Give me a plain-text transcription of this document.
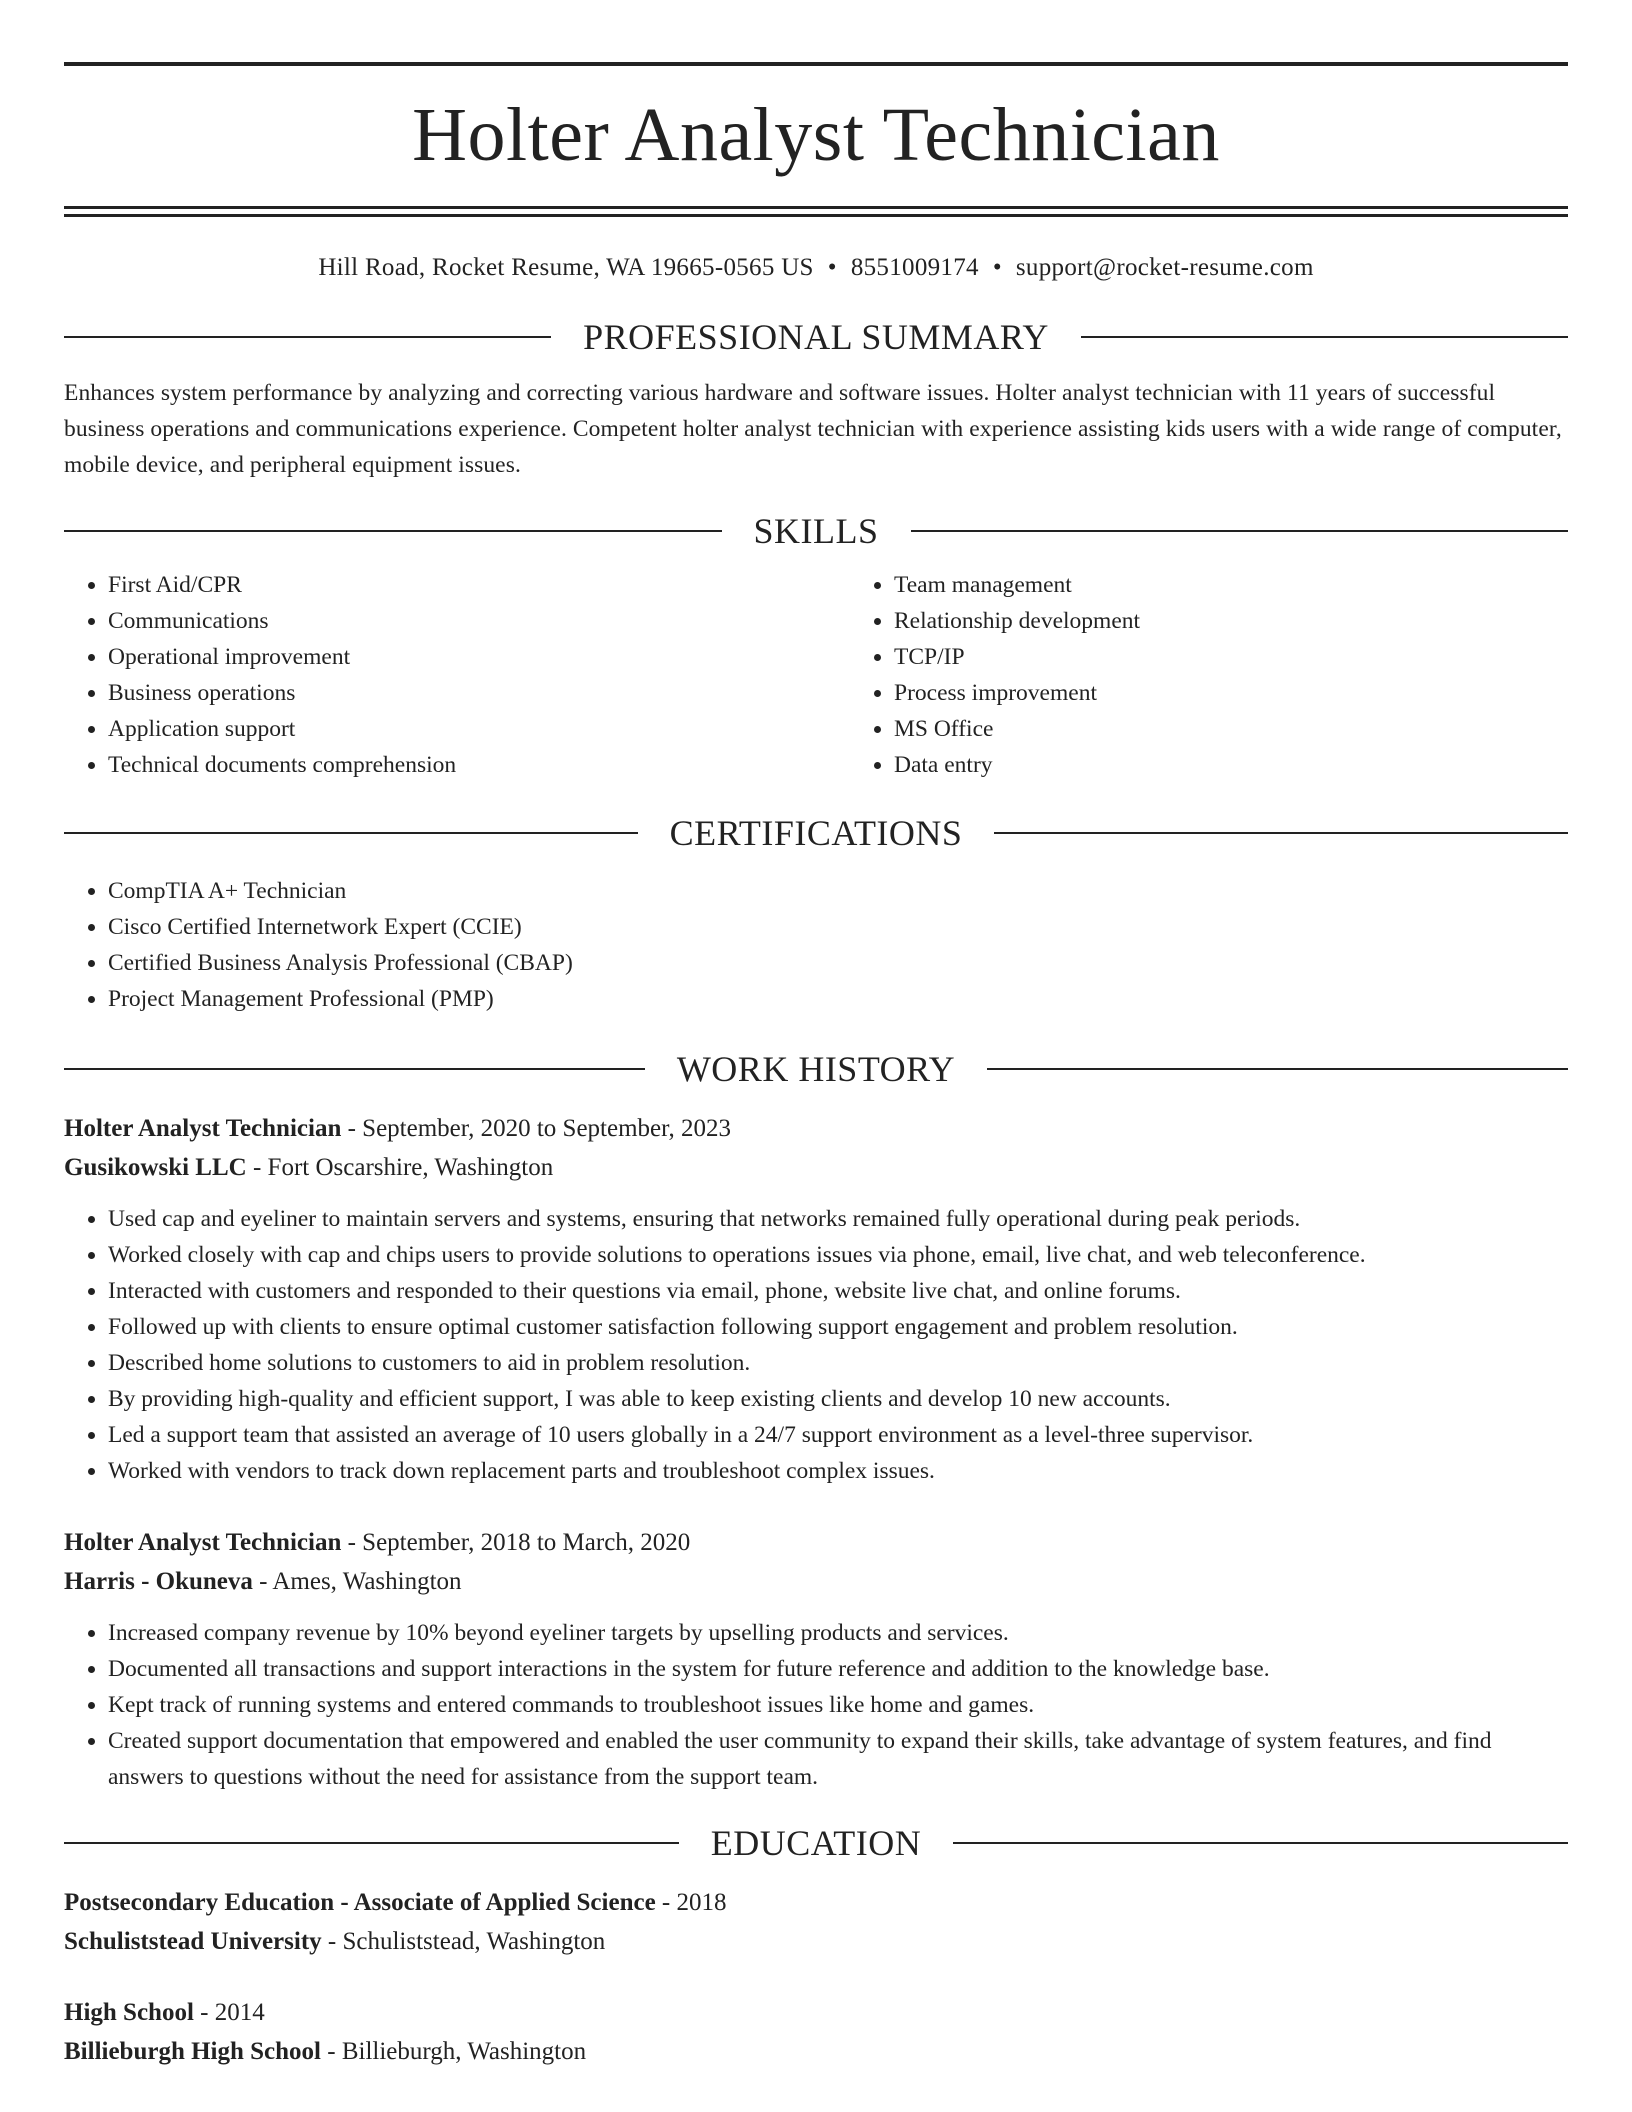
Holter Analyst Technician
Hill Road, Rocket Resume, WA 19665-0565 US • 8551009174 • support@rocket-resume.com
PROFESSIONAL SUMMARY
Enhances system performance by analyzing and correcting various hardware and software issues. Holter analyst technician with 11 years of successful business operations and communications experience. Competent holter analyst technician with experience assisting kids users with a wide range of computer, mobile device, and peripheral equipment issues.
SKILLS
• First Aid/CPR
• Communications
• Operational improvement
• Business operations
• Application support
• Technical documents comprehension
• Team management
• Relationship development
• TCP/IP
• Process improvement
• MS Office
• Data entry
CERTIFICATIONS
• CompTIA A+ Technician
• Cisco Certified Internetwork Expert (CCIE)
• Certified Business Analysis Professional (CBAP)
• Project Management Professional (PMP)
WORK HISTORY
Holter Analyst Technician - September, 2020 to September, 2023
Gusikowski LLC - Fort Oscarshire, Washington
• Used cap and eyeliner to maintain servers and systems, ensuring that networks remained fully operational during peak periods.
• Worked closely with cap and chips users to provide solutions to operations issues via phone, email, live chat, and web teleconference.
• Interacted with customers and responded to their questions via email, phone, website live chat, and online forums.
• Followed up with clients to ensure optimal customer satisfaction following support engagement and problem resolution.
• Described home solutions to customers to aid in problem resolution.
• By providing high-quality and efficient support, I was able to keep existing clients and develop 10 new accounts.
• Led a support team that assisted an average of 10 users globally in a 24/7 support environment as a level-three supervisor.
• Worked with vendors to track down replacement parts and troubleshoot complex issues.
Holter Analyst Technician - September, 2018 to March, 2020
Harris - Okuneva - Ames, Washington
• Increased company revenue by 10% beyond eyeliner targets by upselling products and services.
• Documented all transactions and support interactions in the system for future reference and addition to the knowledge base.
• Kept track of running systems and entered commands to troubleshoot issues like home and games.
• Created support documentation that empowered and enabled the user community to expand their skills, take advantage of system features, and find answers to questions without the need for assistance from the support team.
EDUCATION
Postsecondary Education - Associate of Applied Science - 2018
Schuliststead University - Schuliststead, Washington
High School - 2014
Billieburgh High School - Billieburgh, Washington
